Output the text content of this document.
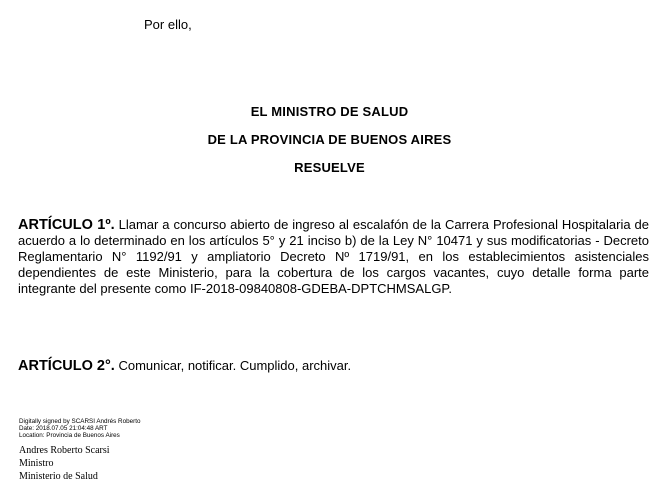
Por ello,
EL MINISTRO DE SALUD
DE LA PROVINCIA DE BUENOS AIRES
RESUELVE
ARTÍCULO 1º. Llamar a concurso abierto de ingreso al escalafón de la Carrera Profesional Hospitalaria de acuerdo a lo determinado en los artículos 5° y 21 inciso b) de la Ley N° 10471 y sus modificatorias - Decreto Reglamentario N° 1192/91 y ampliatorio Decreto Nº 1719/91, en los establecimientos asistenciales dependientes de este Ministerio, para la cobertura de los cargos vacantes, cuyo detalle forma parte integrante del presente como IF-2018-09840808-GDEBA-DPTCHMSALGP.
ARTÍCULO 2°. Comunicar, notificar. Cumplido, archivar.
Digitally signed by SCARSI Andrés Roberto
Date: 2018.07.05 21:04:48 ART
Location: Provincia de Buenos Aires
Andres Roberto Scarsi
Ministro
Ministerio de Salud
